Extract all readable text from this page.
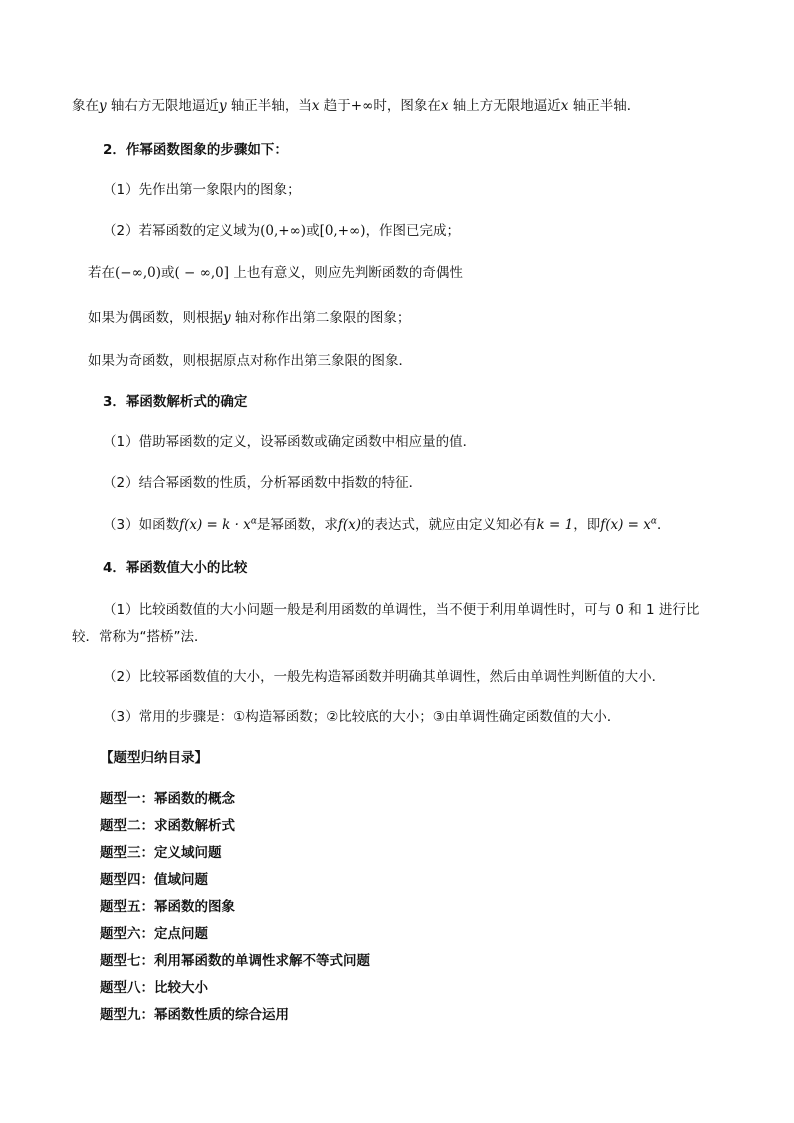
象在y 轴右方无限地逼近y 轴正半轴，当x 趋于+∞时，图象在x 轴上方无限地逼近x 轴正半轴．
2．作幂函数图象的步骤如下：
（1）先作出第一象限内的图象；
（2）若幂函数的定义域为(0,+∞)或[0,+∞)，作图已完成；
若在(−∞,0)或( − ∞,0] 上也有意义，则应先判断函数的奇偶性
如果为偶函数，则根据y 轴对称作出第二象限的图象；
如果为奇函数，则根据原点对称作出第三象限的图象．
3．幂函数解析式的确定
（1）借助幂函数的定义，设幂函数或确定函数中相应量的值．
（2）结合幂函数的性质，分析幂函数中指数的特征．
（3）如函数$f(x) = k \cdot x^\alpha$是幂函数，求f(x)的表达式，就应由定义知必有k = 1，即$f(x) = x^\alpha$．
4．幂函数值大小的比较
（1）比较函数值的大小问题一般是利用函数的单调性，当不便于利用单调性时，可与 0 和 1 进行比
较．常称为“搭桥”法．
（2）比较幂函数值的大小，一般先构造幂函数并明确其单调性，然后由单调性判断值的大小．
（3）常用的步骤是：①构造幂函数；②比较底的大小；③由单调性确定函数值的大小．
【题型归纳目录】
题型一：幂函数的概念
题型二：求函数解析式
题型三：定义域问题
题型四：值域问题
题型五：幂函数的图象
题型六：定点问题
题型七：利用幂函数的单调性求解不等式问题
题型八：比较大小
题型九：幂函数性质的综合运用
